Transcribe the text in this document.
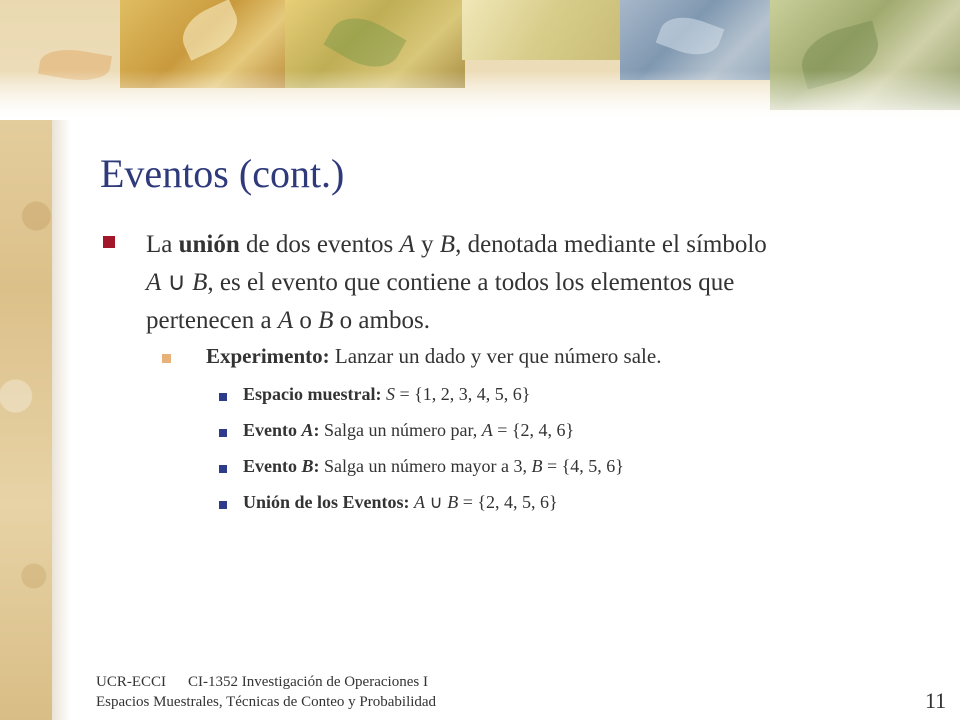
Eventos (cont.)
La unión de dos eventos A y B, denotada mediante el símbolo
A ∪ B, es el evento que contiene a todos los elementos que
pertenecen a A o B o ambos.
Experimento: Lanzar un dado y ver que número sale.
Espacio muestral: S = {1, 2, 3, 4, 5, 6}
Evento A: Salga un número par, A = {2, 4, 6}
Evento B: Salga un número mayor a 3, B = {4, 5, 6}
Unión de los Eventos: A ∪ B = {2, 4, 5, 6}
UCR-ECCI CI-1352 Investigación de Operaciones I
Espacios Muestrales, Técnicas de Conteo y Probabilidad	11
